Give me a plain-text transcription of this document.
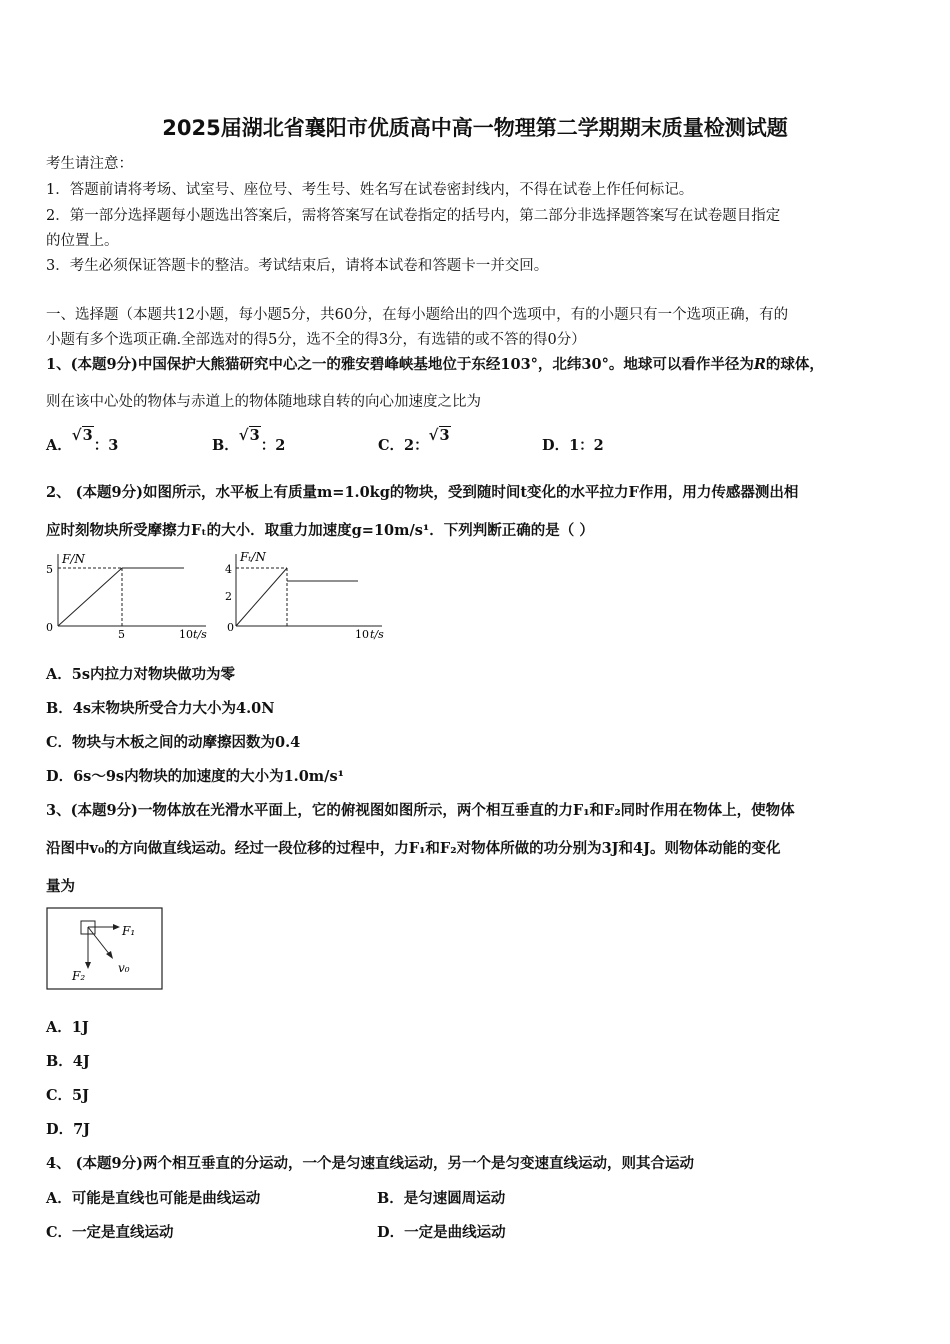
2025届湖北省襄阳市优质高中高一物理第二学期期末质量检测试题
考生请注意：
1．答题前请将考场、试室号、座位号、考生号、姓名写在试卷密封线内，不得在试卷上作任何标记。
2．第一部分选择题每小题选出答案后，需将答案写在试卷指定的括号内，第二部分非选择题答案写在试卷题目指定
的位置上。
3．考生必须保证答题卡的整洁。考试结束后，请将本试卷和答题卡一并交回。
一、选择题（本题共12小题，每小题5分，共60分，在每小题给出的四个选项中，有的小题只有一个选项正确，有的
小题有多个选项正确.全部选对的得5分，选不全的得3分，有选错的或不答的得0分）
1、(本题9分)中国保护大熊猫研究中心之一的雅安碧峰峡基地位于东经103°，北纬30°。地球可以看作半径为R的球体，
则在该中心处的物体与赤道上的物体随地球自转的向心加速度之比为
A．√3：3	B．√3：2	C．2：√3
D．1：2
2、 (本题9分)如图所示，水平板上有质量m=1.0kg的物块，受到随时间t变化的水平拉力F作用，用力传感器测出相
应时刻物块所受摩擦力Fₜ的大小．取重力加速度g=10m/s¹．下列判断正确的是（ ）
F/N
5
0
5	10 t/s
Fₜ/N
4
2
0
10 t/s
A．5s内拉力对物块做功为零
B．4s末物块所受合力大小为4.0N
C．物块与木板之间的动摩擦因数为0.4
D．6s～9s内物块的加速度的大小为1.0m/s¹
3、(本题9分)一物体放在光滑水平面上，它的俯视图如图所示，两个相互垂直的力F₁和F₂同时作用在物体上，使物体
沿图中v₀的方向做直线运动。经过一段位移的过程中，力F₁和F₂对物体所做的功分别为3J和4J。则物体动能的变化
量为
F₁
F₂
v₀
A．1J
B．4J
C．5J
D．7J
4、 (本题9分)两个相互垂直的分运动，一个是匀速直线运动，另一个是匀变速直线运动，则其合运动
A．可能是直线也可能是曲线运动	B．是匀速圆周运动
C．一定是直线运动	D．一定是曲线运动
